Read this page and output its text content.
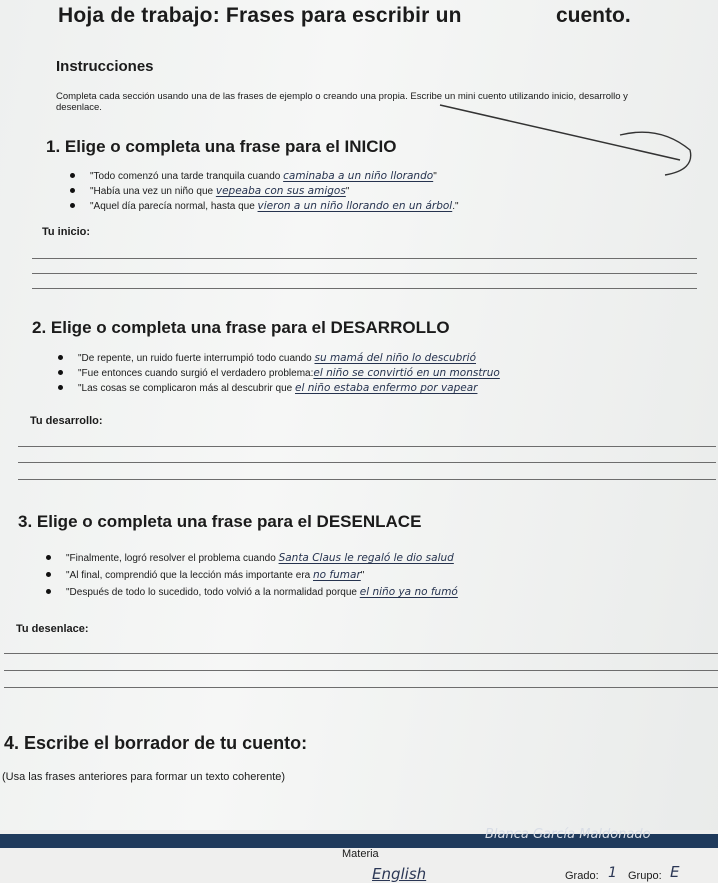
Hoja de trabajo: Frases para escribir un	cuento.
Instrucciones
Completa cada sección usando una de las frases de ejemplo o creando una propia. Escribe un mini cuento utilizando inicio, desarrollo y desenlace.
1. Elige o completa una frase para el INICIO
"Todo comenzó una tarde tranquila cuando caminaba a un niño llorando"
"Había una vez un niño que vepeaba con sus amigos"
"Aquel día parecía normal, hasta que vieron a un niño llorando en un árbol."
Tu inicio:
2. Elige o completa una frase para el DESARROLLO
"De repente, un ruido fuerte interrumpió todo cuando su mamá del niño lo descubrió
"Fue entonces cuando surgió el verdadero problema:el niño se convirtió en un monstruo
"Las cosas se complicaron más al descubrir que el niño estaba enfermo por vapear
Tu desarrollo:
3. Elige o completa una frase para el DESENLACE
"Finalmente, logró resolver el problema cuando Santa Claus le regaló le dio salud
"Al final, comprendió que la lección más importante era no fumar"
"Después de todo lo sucedido, todo volvió a la normalidad porque el niño ya no fumó
Tu desenlace:
4. Escribe el borrador de tu cuento:
(Usa las frases anteriores para formar un texto coherente)
Blanca García Maldonado
Materia
English	Grado: 1 Grupo: E
